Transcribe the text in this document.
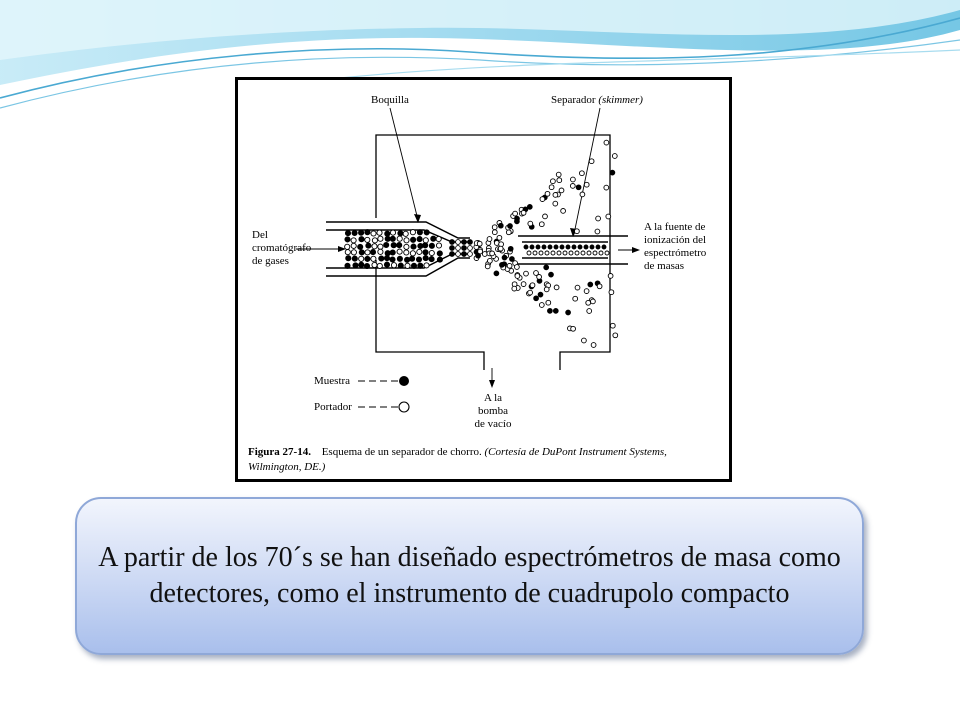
Boquilla	Separador (skimmer)
Del
cromatógrafo
de gases
A la fuente de
ionización del
espectrómetro
de masas
A la
bomba
de vacío
Muestra
Portador
Figura 27-14. Esquema de un separador de chorro. (Cortesía de DuPont Instrument Systems, Wilmington, DE.)
A partir de los 70´s se han diseñado espectrómetros de masa como detectores, como el instrumento de cuadrupolo compacto
